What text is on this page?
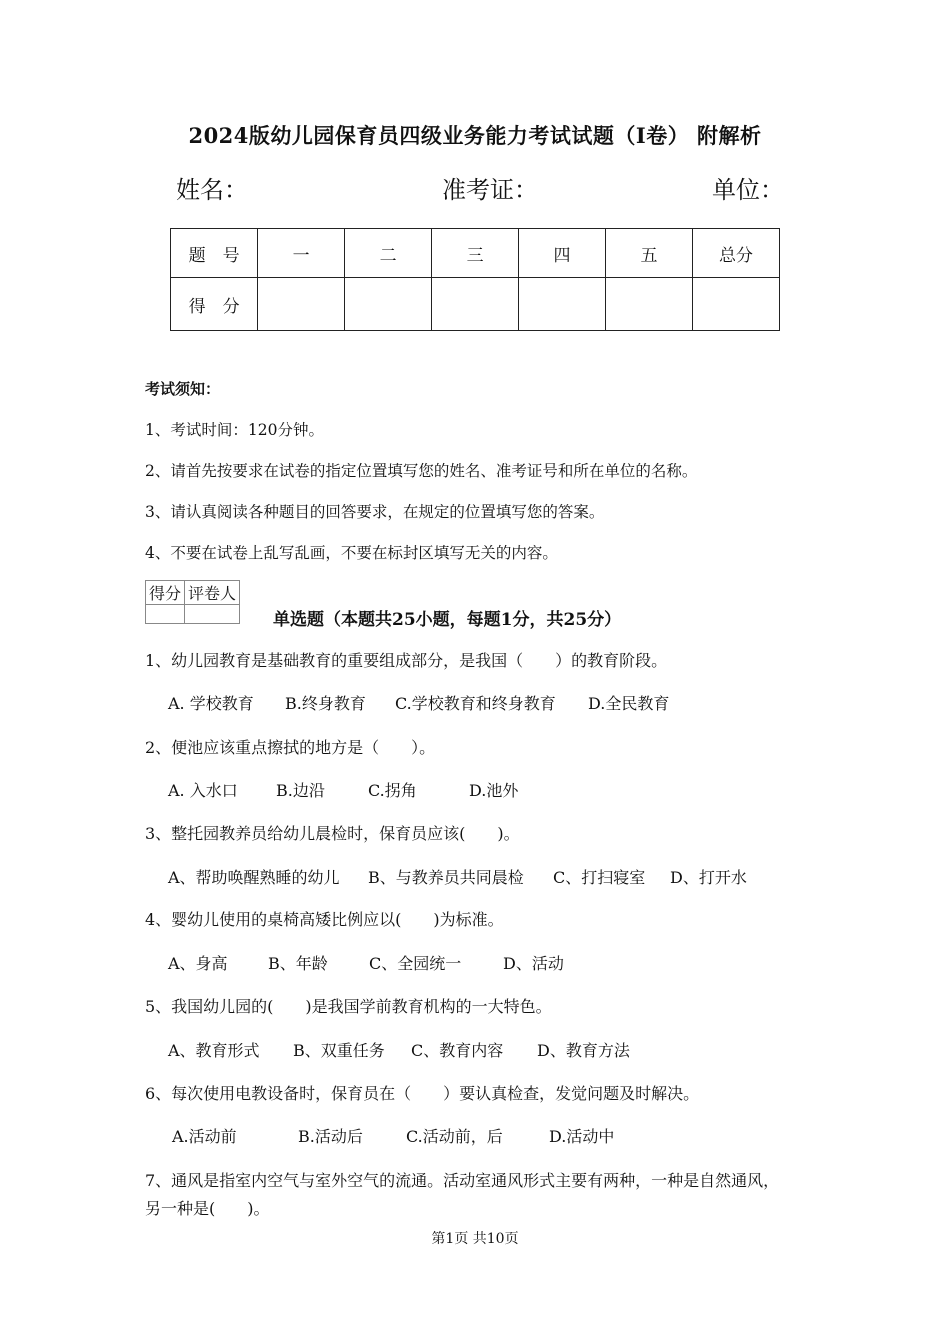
2024版幼儿园保育员四级业务能力考试试题（I卷） 附解析
姓名：	准考证：	单位：
题　号	一	二	三	四	五	总分
得　分						
考试须知：
1、考试时间：120分钟。
2、请首先按要求在试卷的指定位置填写您的姓名、准考证号和所在单位的名称。
3、请认真阅读各种题目的回答要求，在规定的位置填写您的答案。
4、不要在试卷上乱写乱画，不要在标封区填写无关的内容。
得分	评卷人

单选题（本题共25小题，每题1分，共25分）
1、幼儿园教育是基础教育的重要组成部分，是我国（　　）的教育阶段。
A. 学校教育 B.终身教育 C.学校教育和终身教育 D.全民教育
2、便池应该重点擦拭的地方是（　　）。
A. 入水口 B.边沿	C.拐角	D.池外
3、整托园教养员给幼儿晨检时，保育员应该(　　)。
A、帮助唤醒熟睡的幼儿 B、与教养员共同晨检 C、打扫寝室 D、打开水
4、婴幼儿使用的桌椅高矮比例应以(　　)为标准。
A、身高	B、年龄	C、全园统一	D、活动
5、我国幼儿园的(　　)是我国学前教育机构的一大特色。
A、教育形式 B、双重任务 C、教育内容 D、教育方法
6、每次使用电教设备时，保育员在（　　）要认真检查，发觉问题及时解决。
A.活动前	B.活动后	C.活动前，后	D.活动中
7、通风是指室内空气与室外空气的流通。活动室通风形式主要有两种，一种是自然通风，
另一种是(　　)。
第1页 共10页
